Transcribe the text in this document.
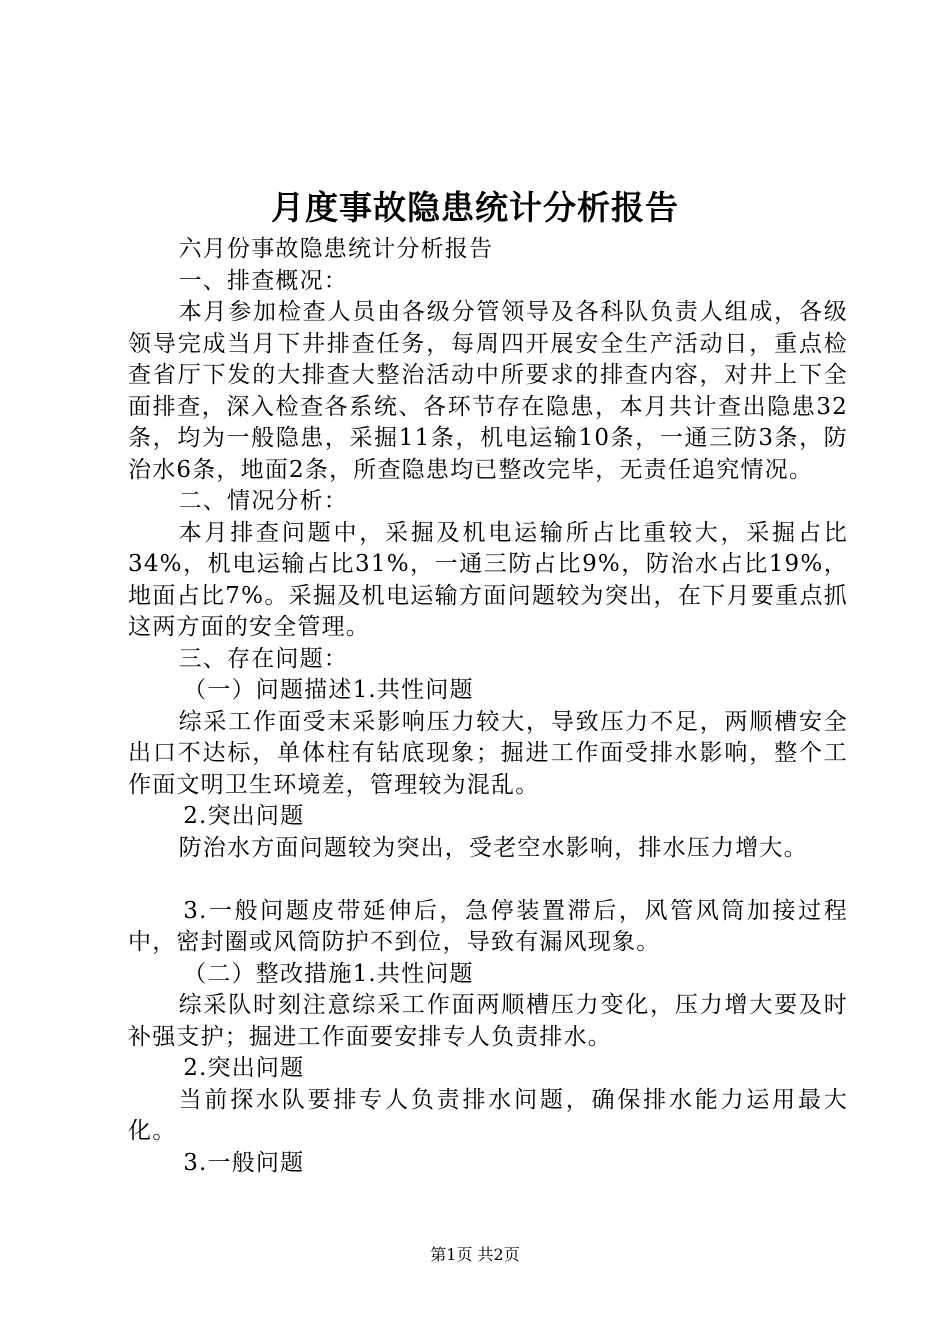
月度事故隐患统计分析报告

六月份事故隐患统计分析报告

一、排查概况：

本月参加检查人员由各级分管领导及各科队负责人组成，各级领导完成当月下井排查任务，每周四开展安全生产活动日，重点检查省厅下发的大排查大整治活动中所要求的排查内容，对井上下全面排查，深入检查各系统、各环节存在隐患，本月共计查出隐患32条，均为一般隐患，采掘11条，机电运输10条，一通三防3条，防治水6条，地面2条，所查隐患均已整改完毕，无责任追究情况。

二、情况分析：

本月排查问题中，采掘及机电运输所占比重较大，采掘占比34%，机电运输占比31%，一通三防占比9%，防治水占比19%，地面占比7%。采掘及机电运输方面问题较为突出，在下月要重点抓这两方面的安全管理。

三、存在问题：

（一）问题描述1.共性问题

综采工作面受末采影响压力较大，导致压力不足，两顺槽安全出口不达标，单体柱有钻底现象；掘进工作面受排水影响，整个工作面文明卫生环境差，管理较为混乱。

2.突出问题

防治水方面问题较为突出，受老空水影响，排水压力增大。

3.一般问题皮带延伸后，急停装置滞后，风管风筒加接过程中，密封圈或风筒防护不到位，导致有漏风现象。

（二）整改措施1.共性问题

综采队时刻注意综采工作面两顺槽压力变化，压力增大要及时补强支护；掘进工作面要安排专人负责排水。

2.突出问题

当前探水队要排专人负责排水问题，确保排水能力运用最大化。

3.一般问题

第1页 共2页
